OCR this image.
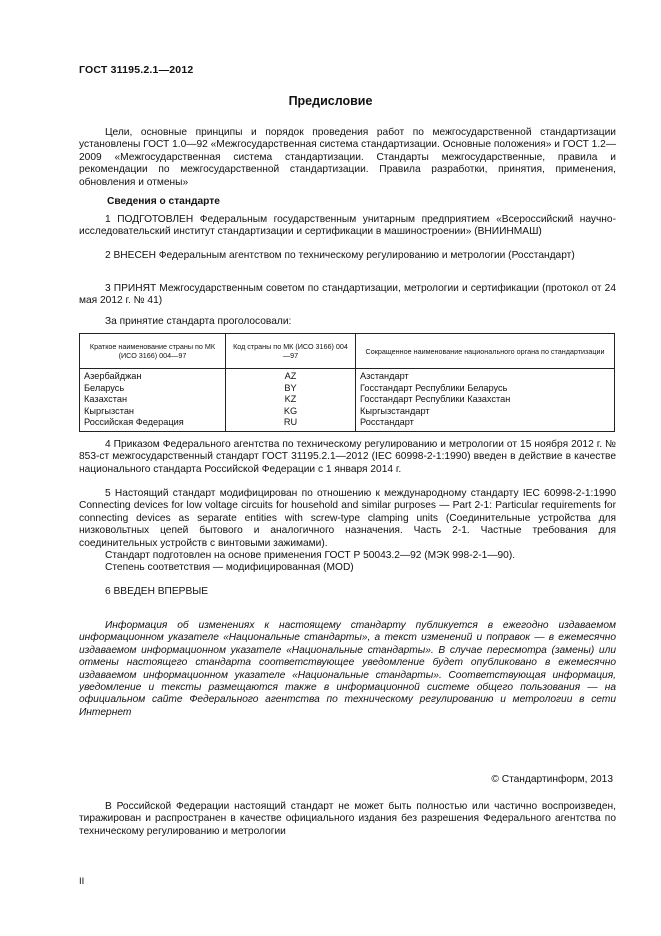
ГОСТ 31195.2.1—2012
Предисловие

Цели, основные принципы и порядок проведения работ по межгосударственной стандартизации установлены ГОСТ 1.0—92 «Межгосударственная система стандартизации. Основные положения» и ГОСТ 1.2—2009 «Межгосударственная система стандартизации. Стандарты межгосударственные, правила и рекомендации по межгосударственной стандартизации. Правила разработки, принятия, применения, обновления и отмены»

Сведения о стандарте

1 ПОДГОТОВЛЕН Федеральным государственным унитарным предприятием «Всероссийский научно-исследовательский институт стандартизации и сертификации в машиностроении» (ВНИИНМАШ)

2 ВНЕСЕН Федеральным агентством по техническому регулированию и метрологии (Росстандарт)

3 ПРИНЯТ Межгосударственным советом по стандартизации, метрологии и сертификации (протокол от 24 мая 2012 г. № 41)

За принятие стандарта проголосовали:

Краткое наименование страны по МК (ИСО 3166) 004—97	Код страны по МК (ИСО 3166) 004—97	Сокращенное наименование национального органа по стандартизации
Азербайджан	AZ	Азстандарт
Беларусь	BY	Госстандарт Республики Беларусь
Казахстан	KZ	Госстандарт Республики Казахстан
Кыргызстан	KG	Кыргызстандарт
Российская Федерация	RU	Росстандарт

4 Приказом Федерального агентства по техническому регулированию и метрологии от 15 ноября 2012 г. № 853-ст межгосударственный стандарт ГОСТ 31195.2.1—2012 (IEC 60998-2-1:1990) введен в действие в качестве национального стандарта Российской Федерации с 1 января 2014 г.

5 Настоящий стандарт модифицирован по отношению к международному стандарту IEC 60998-2-1:1990 Connecting devices for low voltage circuits for household and similar purposes — Part 2-1: Particular requirements for connecting devices as separate entities with screw-type clamping units (Соединительные устройства для низковольтных цепей бытового и аналогичного назначения. Часть 2-1. Частные требования для соединительных устройств с винтовыми зажимами).

Стандарт подготовлен на основе применения ГОСТ Р 50043.2—92 (МЭК 998-2-1—90).

Степень соответствия — модифицированная (MOD)

6 ВВЕДЕН ВПЕРВЫЕ

Информация об изменениях к настоящему стандарту публикуется в ежегодно издаваемом информационном указателе «Национальные стандарты», а текст изменений и поправок — в ежемесячно издаваемом информационном указателе «Национальные стандарты». В случае пересмотра (замены) или отмены настоящего стандарта соответствующее уведомление будет опубликовано в ежемесячно издаваемом информационном указателе «Национальные стандарты». Соответствующая информация, уведомление и тексты размещаются также в информационной системе общего пользования — на официальном сайте Федерального агентства по техническому регулированию и метрологии в сети Интернет

© Стандартинформ, 2013

В Российской Федерации настоящий стандарт не может быть полностью или частично воспроизведен, тиражирован и распространен в качестве официального издания без разрешения Федерального агентства по техническому регулированию и метрологии

II
